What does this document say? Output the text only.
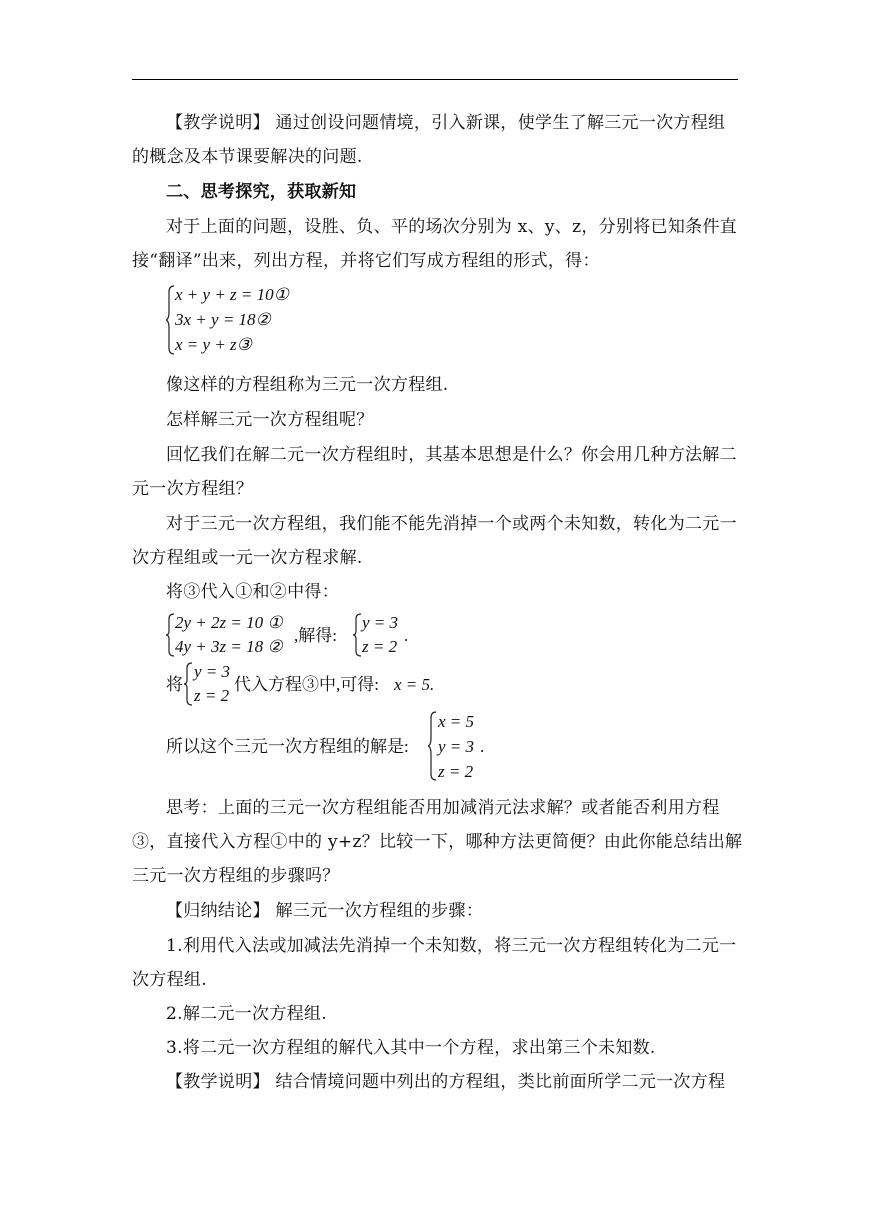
【教学说明】 通过创设问题情境，引入新课，使学生了解三元一次方程组
的概念及本节课要解决的问题.
二、思考探究，获取新知
对于上面的问题，设胜、负、平的场次分别为 x、y、z，分别将已知条件直
接“翻译”出来，列出方程，并将它们写成方程组的形式，得：
x + y + z = 10①
3x + y = 18②
x = y + z③
像这样的方程组称为三元一次方程组.
怎样解三元一次方程组呢？
回忆我们在解二元一次方程组时，其基本思想是什么？你会用几种方法解二
元一次方程组？
对于三元一次方程组，我们能不能先消掉一个或两个未知数，转化为二元一
次方程组或一元一次方程求解.
将③代入①和②中得：
2y + 2z = 10 ①
4y + 3z = 18 ②
,解得:
y = 3
z = 2
.
将
y = 3
z = 2
代入方程③中,可得: x = 5.
所以这个三元一次方程组的解是:
x = 5
y = 3
z = 2
.
思考：上面的三元一次方程组能否用加减消元法求解？或者能否利用方程
③，直接代入方程①中的 y+z？比较一下，哪种方法更简便？由此你能总结出解
三元一次方程组的步骤吗？
【归纳结论】 解三元一次方程组的步骤：
1.利用代入法或加减法先消掉一个未知数，将三元一次方程组转化为二元一
次方程组.
2.解二元一次方程组.
3.将二元一次方程组的解代入其中一个方程，求出第三个未知数.
【教学说明】 结合情境问题中列出的方程组，类比前面所学二元一次方程
